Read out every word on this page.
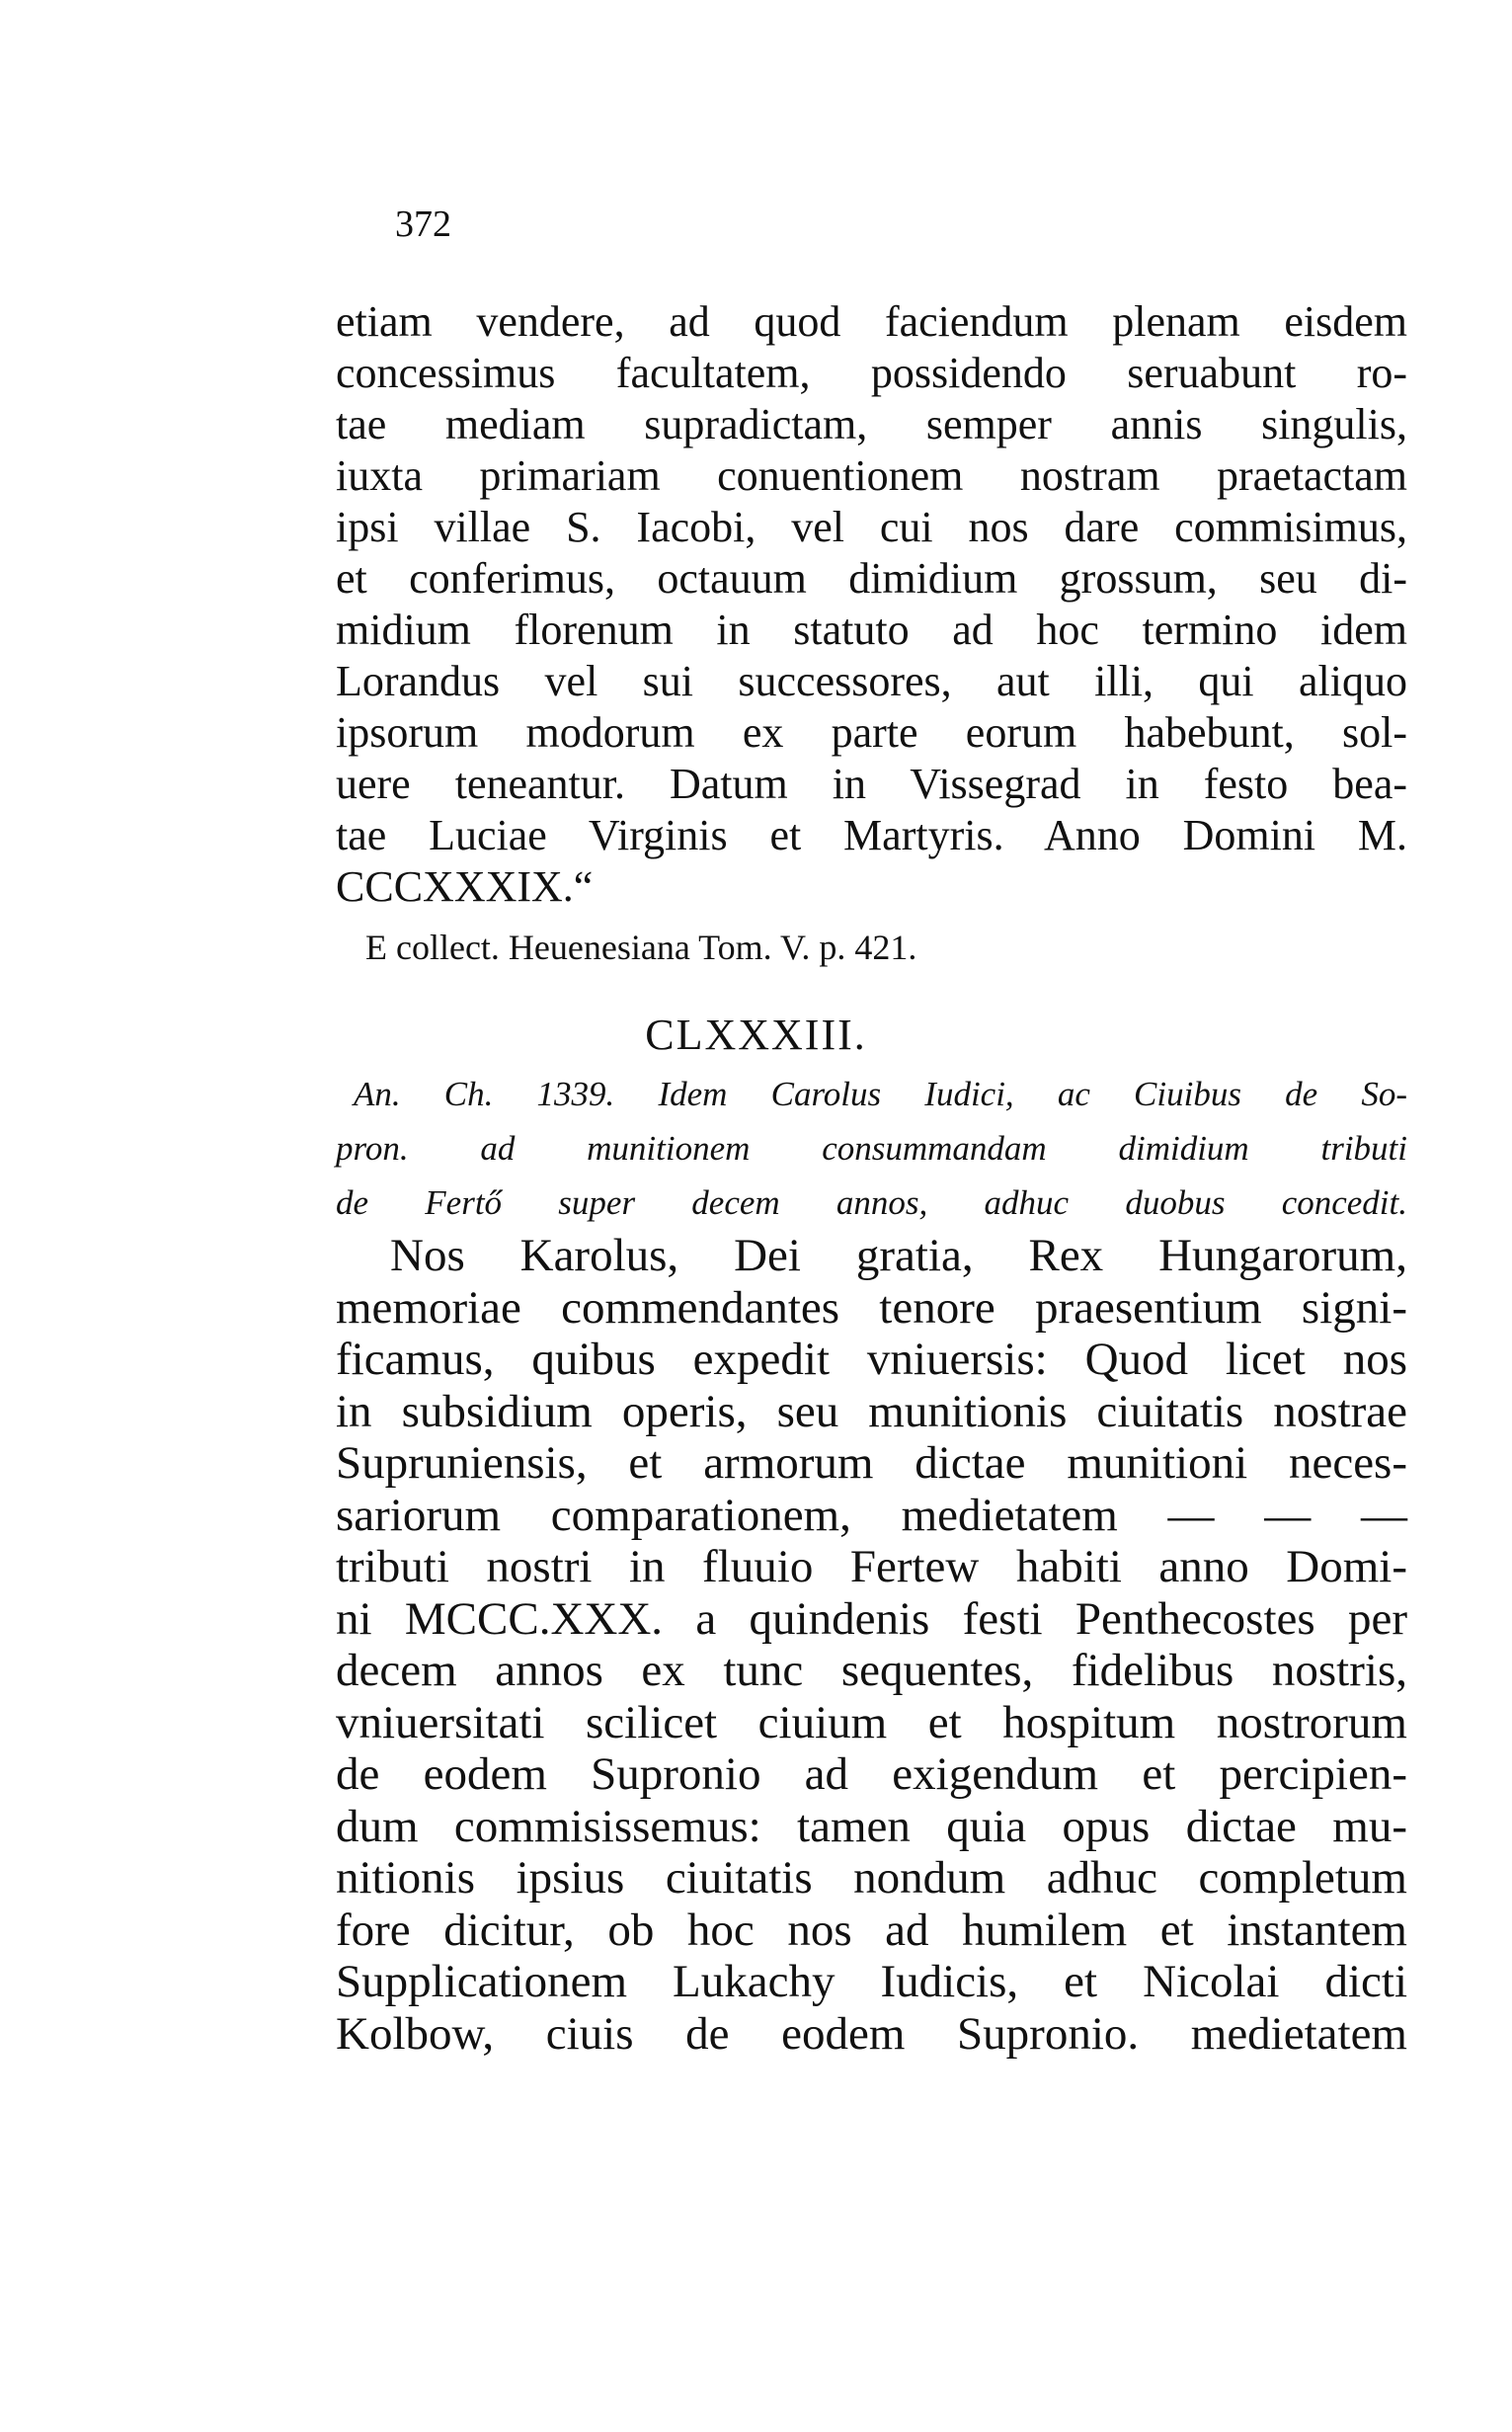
372
etiam vendere, ad quod faciendum plenam eisdem
concessimus facultatem, possidendo seruabunt ro-
tae mediam supradictam, semper annis singulis,
iuxta primariam conuentionem nostram praetactam
ipsi villae S. Iacobi, vel cui nos dare commisimus,
et conferimus, octauum dimidium grossum, seu di-
midium florenum in statuto ad hoc termino idem
Lorandus vel sui successores, aut illi, qui aliquo
ipsorum modorum ex parte eorum habebunt, sol-
uere teneantur. Datum in Vissegrad in festo bea-
tae Luciae Virginis et Martyris. Anno Domini M.
CCCXXXIX.“
E collect. Heuenesiana Tom. V. p. 421.
CLXXXIII.
An. Ch. 1339. Idem Carolus Iudici, ac Ciuibus de So-
pron. ad munitionem consummandam dimidium tributi
de Fertő super decem annos, adhuc duobus concedit.
Nos Karolus, Dei gratia, Rex Hungarorum,
memoriae commendantes tenore praesentium signi-
ficamus, quibus expedit vniuersis: Quod licet nos
in subsidium operis, seu munitionis ciuitatis nostrae
Supruniensis, et armorum dictae munitioni neces-
sariorum comparationem, medietatem — — —
tributi nostri in fluuio Fertew habiti anno Domi-
ni MCCC.XXX. a quindenis festi Penthecostes per
decem annos ex tunc sequentes, fidelibus nostris,
vniuersitati scilicet ciuium et hospitum nostrorum
de eodem Supronio ad exigendum et percipien-
dum commisissemus: tamen quia opus dictae mu-
nitionis ipsius ciuitatis nondum adhuc completum
fore dicitur, ob hoc nos ad humilem et instantem
Supplicationem Lukachy Iudicis, et Nicolai dicti
Kolbow, ciuis de eodem Supronio. medietatem
